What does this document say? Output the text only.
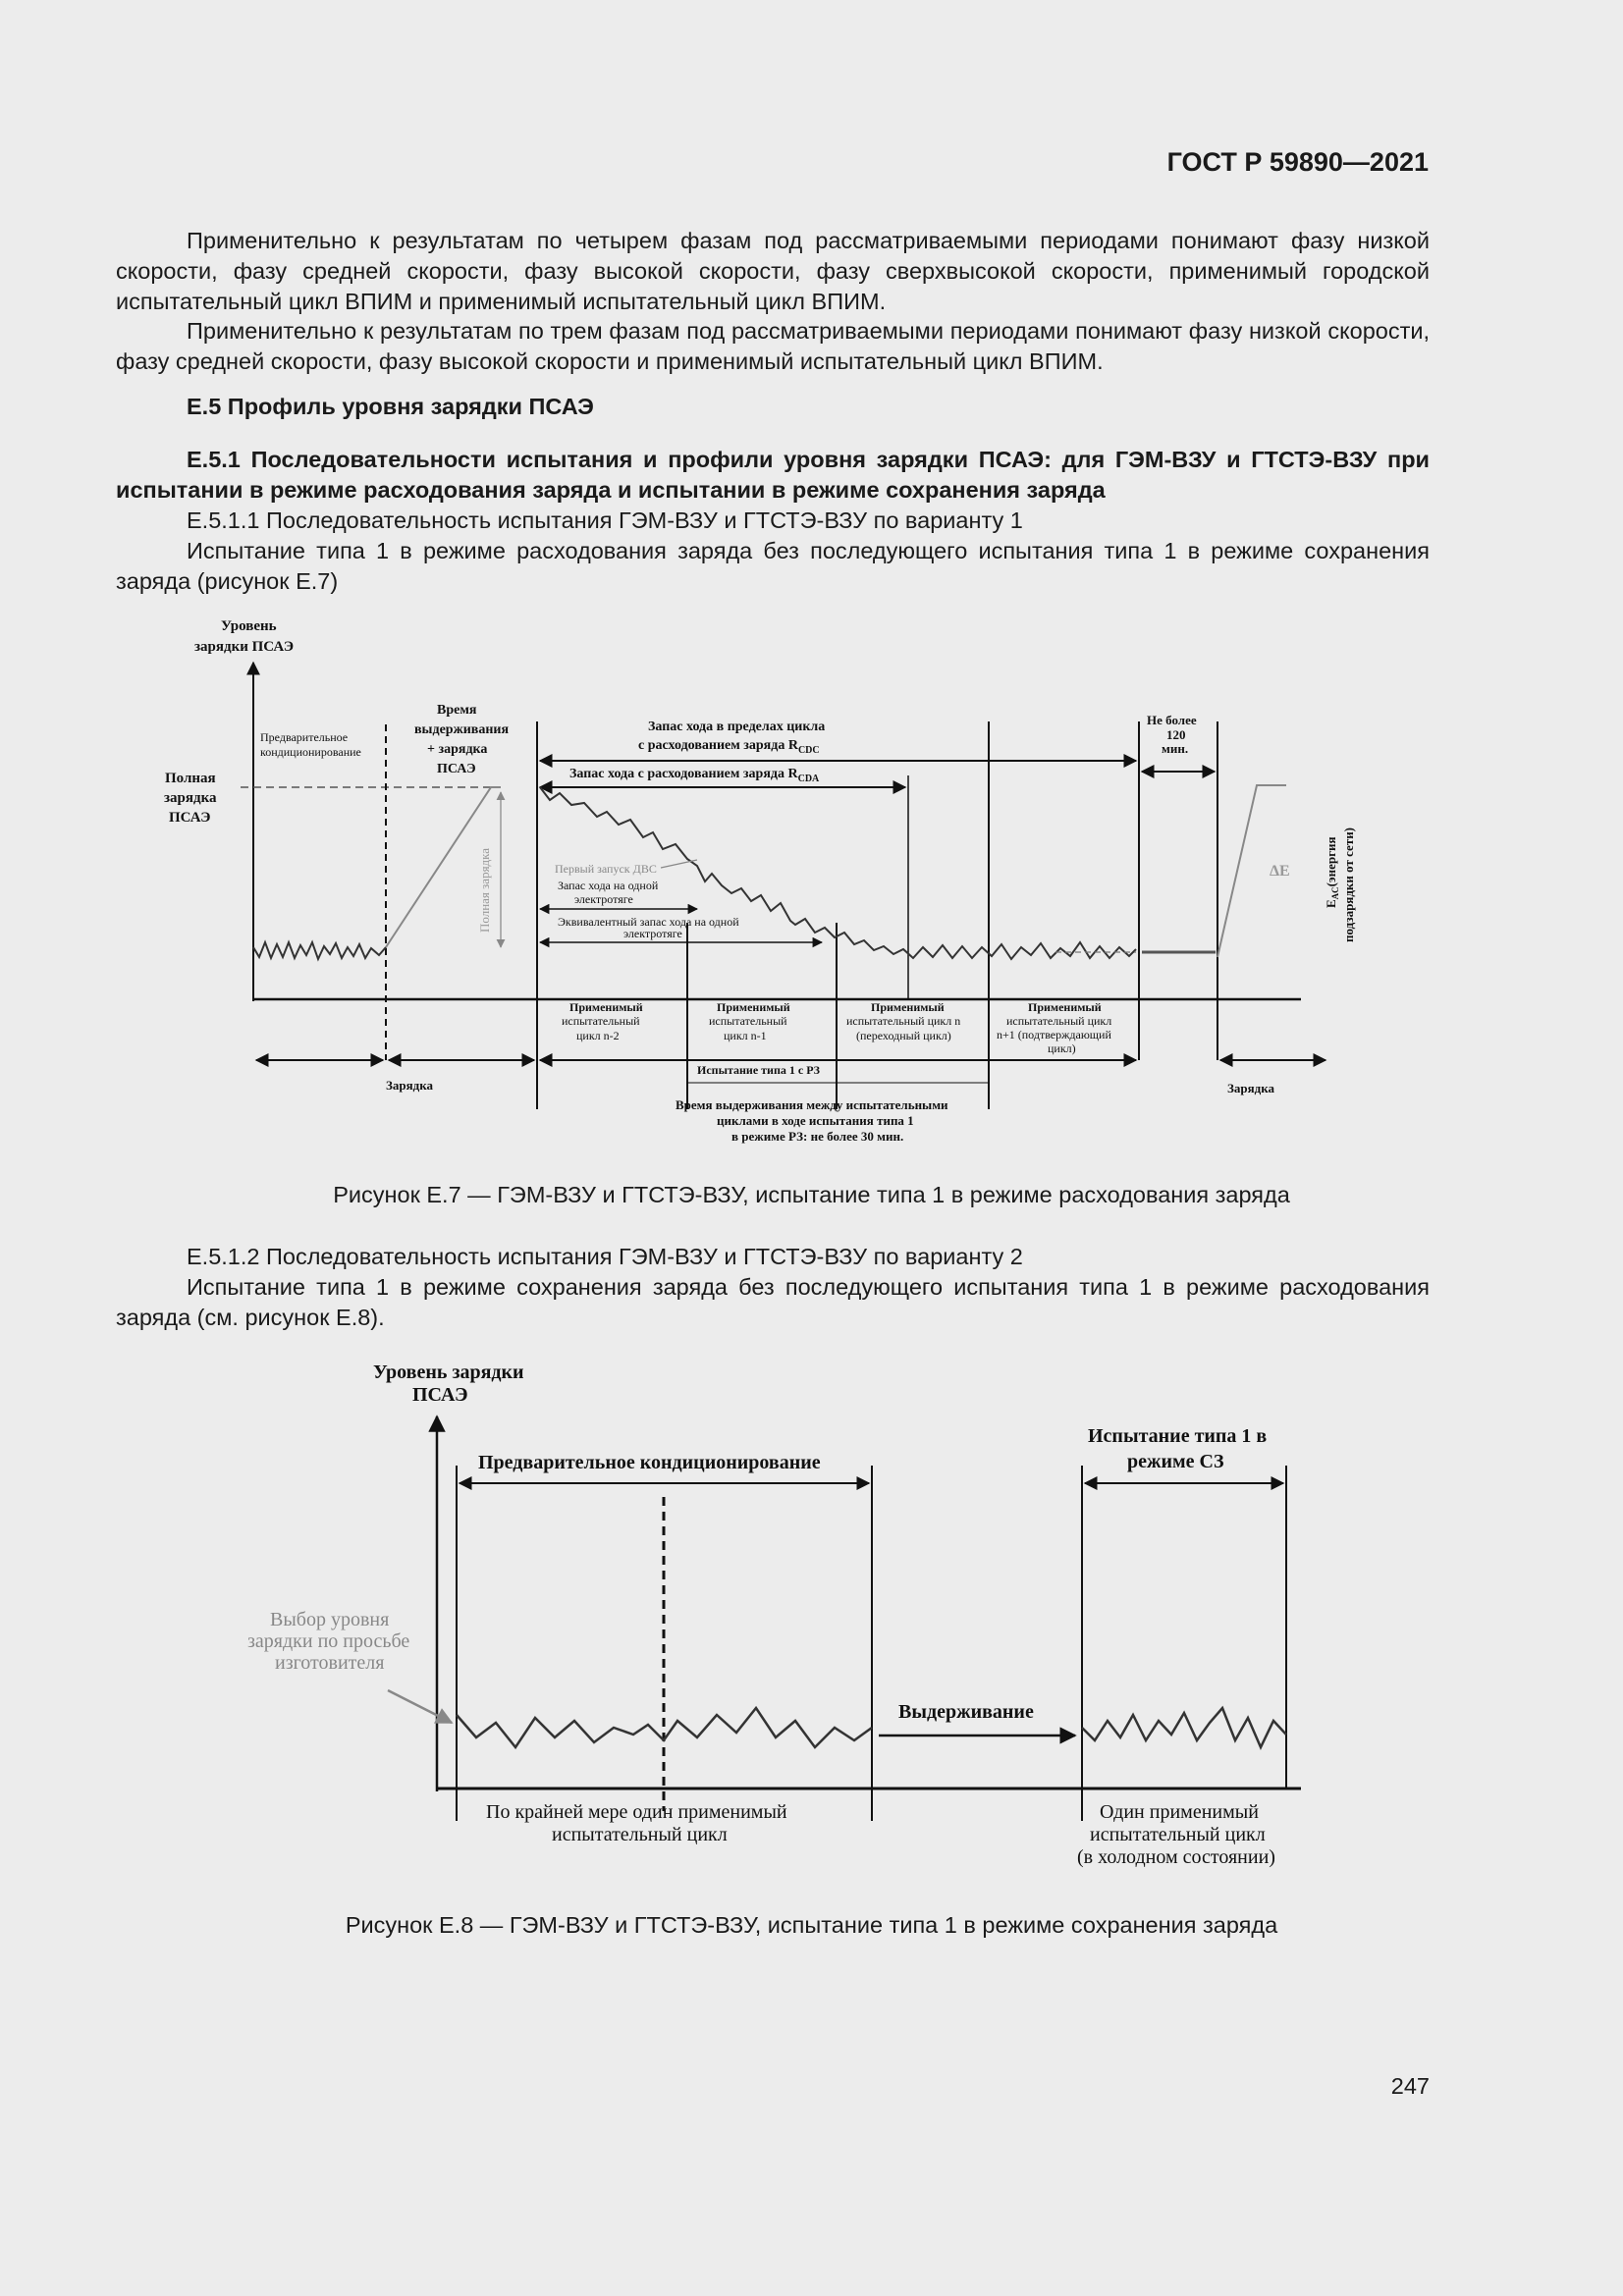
ГОСТ Р 59890—2021
Применительно к результатам по четырем фазам под рассматриваемыми периодами понимают фазу низкой скорости, фазу средней скорости, фазу высокой скорости, фазу сверхвысокой скорости, применимый городской испытательный цикл ВПИМ и применимый испытательный цикл ВПИМ.
Применительно к результатам по трем фазам под рассматриваемыми периодами понимают фазу низкой скорости, фазу средней скорости, фазу высокой скорости и применимый испытательный цикл ВПИМ.
Е.5 Профиль уровня зарядки ПСАЭ
Е.5.1 Последовательности испытания и профили уровня зарядки ПСАЭ: для ГЭМ-ВЗУ и ГТСТЭ-ВЗУ при испытании в режиме расходования заряда и испытании в режиме сохранения заряда
Е.5.1.1 Последовательность испытания ГЭМ-ВЗУ и ГТСТЭ-ВЗУ по варианту 1
Испытание типа 1 в режиме расходования заряда без последующего испытания типа 1 в режиме сохранения заряда (рисунок Е.7)
Уровень
зарядки ПСАЭ
Полная
зарядка
ПСАЭ
Предварительное
кондиционирование
Время
выдерживания
+ зарядка
ПСАЭ
Запас хода в пределах цикла
с расходованием заряда $R_{CDC}$
Запас хода с расходованием заряда $R_{CDA}$
Не более
120
мин.
Полная зарядка	ΔE
$E_{AC}(энергия$ подзарядки от сети)
Первый запуск ДВС
Запас хода на одной
электротяге
Эквивалентный запас хода на одной
электротяге
Применимый
испытательный
цикл n-2
Применимый
испытательный
цикл n-1
Применимый
испытательный цикл n
(переходный цикл)
Применимый
испытательный цикл
n+1 (подтверждающий
цикл)
Зарядка
Испытание типа 1 с РЗ
Зарядка
Время выдерживания между испытательными
циклами в ходе испытания типа 1
в режиме РЗ: не более 30 мин.
Рисунок Е.7 — ГЭМ-ВЗУ и ГТСТЭ-ВЗУ, испытание типа 1 в режиме расходования заряда
Е.5.1.2 Последовательность испытания ГЭМ-ВЗУ и ГТСТЭ-ВЗУ по варианту 2
Испытание типа 1 в режиме сохранения заряда без последующего испытания типа 1 в режиме расходования заряда (см. рисунок Е.8).
Уровень зарядки
ПСАЭ
Предварительное кондиционирование
Испытание типа 1 в
режиме СЗ
Выбор уровня
зарядки по просьбе
изготовителя
Выдерживание
По крайней мере один применимый
испытательный цикл
Один применимый
испытательный цикл
(в холодном состоянии)
Рисунок Е.8 — ГЭМ-ВЗУ и ГТСТЭ-ВЗУ, испытание типа 1 в режиме сохранения заряда
247
